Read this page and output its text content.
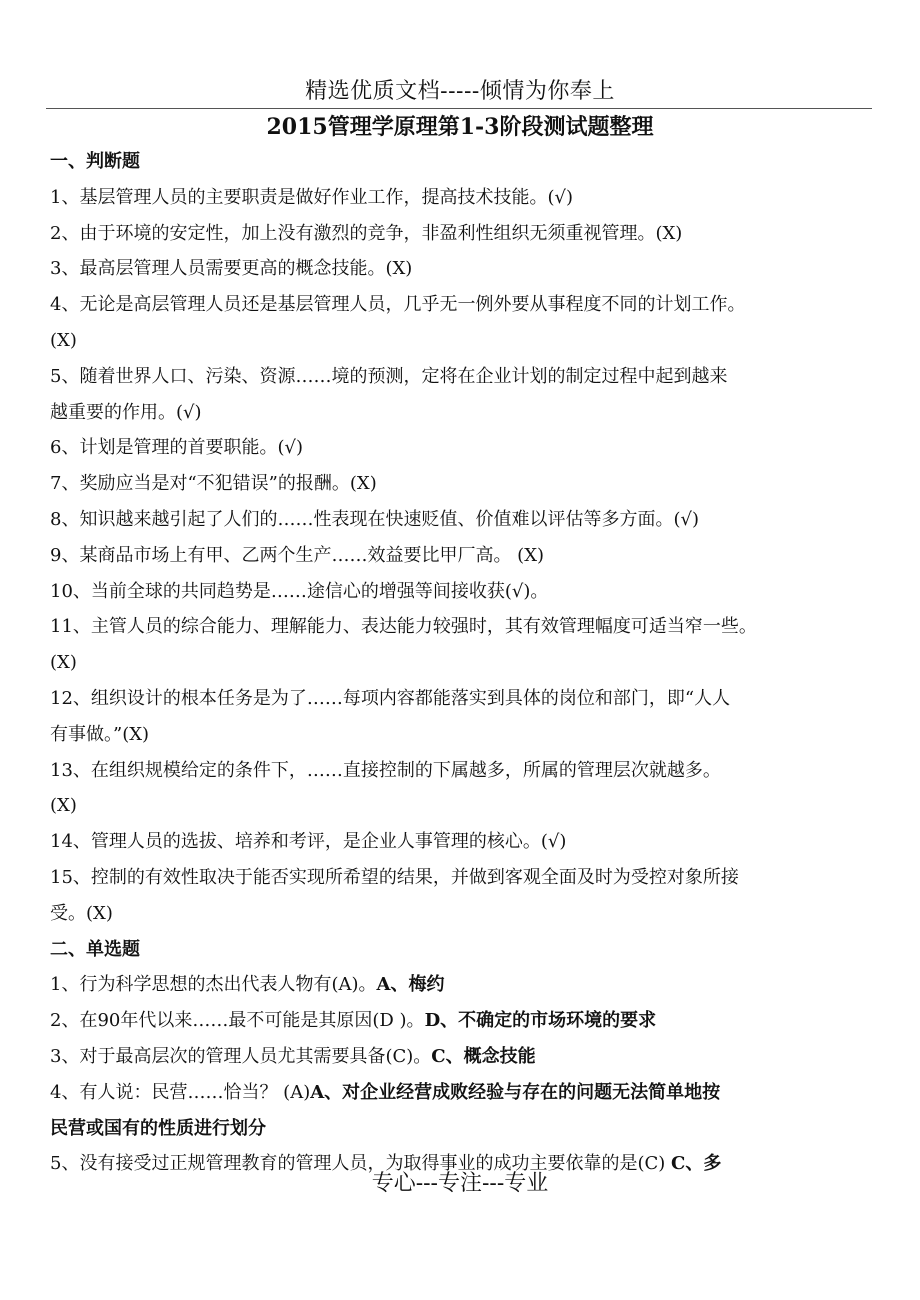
精选优质文档-----倾情为你奉上
2015管理学原理第1-3阶段测试题整理
一、判断题
1、基层管理人员的主要职责是做好作业工作，提高技术技能。(√)
2、由于环境的安定性，加上没有激烈的竞争，非盈利性组织无须重视管理。(X)
3、最高层管理人员需要更高的概念技能。(X)
4、无论是高层管理人员还是基层管理人员，几乎无一例外要从事程度不同的计划工作。
(X)
5、随着世界人口、污染、资源……境的预测，定将在企业计划的制定过程中起到越来
越重要的作用。(√)
6、计划是管理的首要职能。(√)
7、奖励应当是对“不犯错误”的报酬。(X)
8、知识越来越引起了人们的……性表现在快速贬值、价值难以评估等多方面。(√)
9、某商品市场上有甲、乙两个生产……效益要比甲厂高。 (X)
10、当前全球的共同趋势是……途信心的增强等间接收获(√)。
11、主管人员的综合能力、理解能力、表达能力较强时，其有效管理幅度可适当窄一些。
(X)
12、组织设计的根本任务是为了……每项内容都能落实到具体的岗位和部门，即“人人
有事做。”(X)
13、在组织规模给定的条件下，……直接控制的下属越多，所属的管理层次就越多。
(X)
14、管理人员的选拔、培养和考评，是企业人事管理的核心。(√)
15、控制的有效性取决于能否实现所希望的结果，并做到客观全面及时为受控对象所接
受。(X)
二、单选题
1、行为科学思想的杰出代表人物有(A)。A、梅约
2、在90年代以来……最不可能是其原因(D )。D、不确定的市场环境的要求
3、对于最高层次的管理人员尤其需要具备(C)。C、概念技能
4、有人说：民营……恰当？ (A)A、对企业经营成败经验与存在的问题无法简单地按
民营或国有的性质进行划分
5、没有接受过正规管理教育的管理人员，为取得事业的成功主要依靠的是(C) C、多
专心---专注---专业
